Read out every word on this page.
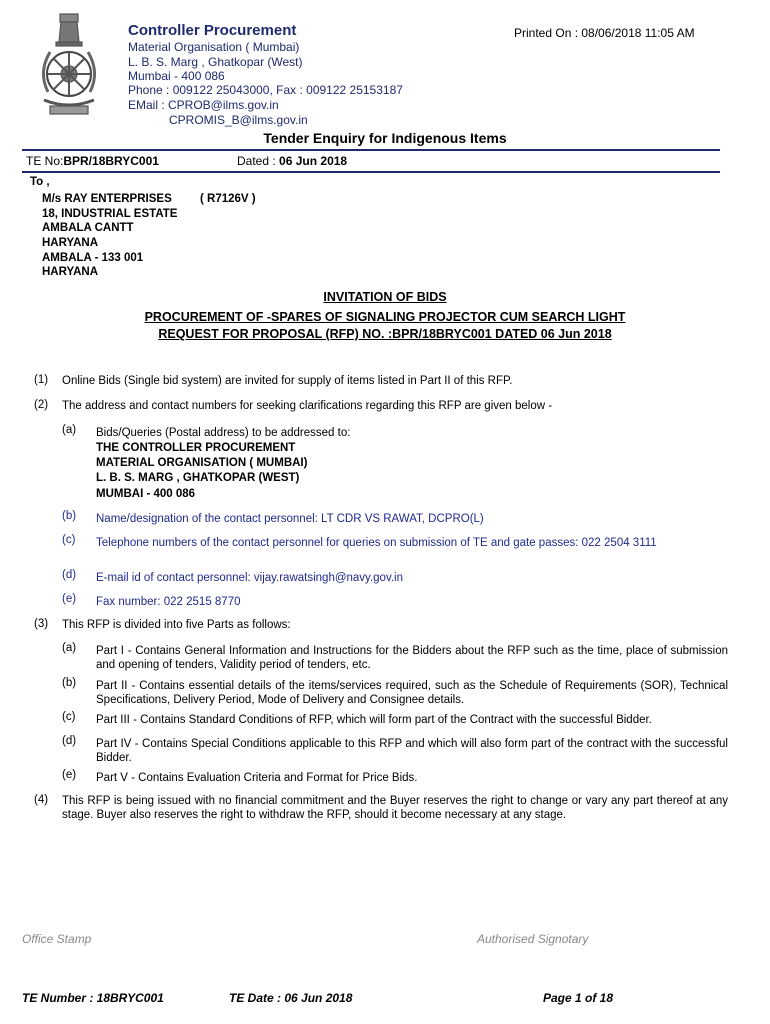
Controller Procurement
Material Organisation ( Mumbai)
L. B. S. Marg , Ghatkopar (West)
Mumbai - 400 086
Phone : 009122 25043000, Fax : 009122 25153187
EMail : CPROB@ilms.gov.in
CPROMIS_B@ilms.gov.in
Printed On : 08/06/2018 11:05 AM
Tender Enquiry for Indigenous Items
TE No:BPR/18BRYC001	Dated : 06 Jun 2018
To ,
M/s RAY ENTERPRISES ( R7126V )
18, INDUSTRIAL ESTATE
AMBALA CANTT
HARYANA
AMBALA - 133 001
HARYANA
INVITATION OF BIDS
PROCUREMENT OF -SPARES OF SIGNALING PROJECTOR CUM SEARCH LIGHT
REQUEST FOR PROPOSAL (RFP) NO. :BPR/18BRYC001 DATED 06 Jun 2018
(1) Online Bids (Single bid system) are invited for supply of items listed in Part II of this RFP.
(2) The address and contact numbers for seeking clarifications regarding this RFP are given below -
(a) Bids/Queries (Postal address) to be addressed to:
THE CONTROLLER PROCUREMENT
MATERIAL ORGANISATION ( MUMBAI)
L. B. S. MARG , GHATKOPAR (WEST)
MUMBAI - 400 086
(b) Name/designation of the contact personnel: LT CDR VS RAWAT, DCPRO(L)
(c) Telephone numbers of the contact personnel for queries on submission of TE and gate passes: 022 2504 3111
(d) E-mail id of contact personnel: vijay.rawatsingh@navy.gov.in
(e) Fax number: 022 2515 8770
(3) This RFP is divided into five Parts as follows:
(a) Part I - Contains General Information and Instructions for the Bidders about the RFP such as the time, place of submission and opening of tenders, Validity period of tenders, etc.
(b) Part II - Contains essential details of the items/services required, such as the Schedule of Requirements (SOR), Technical Specifications, Delivery Period, Mode of Delivery and Consignee details.
(c) Part III - Contains Standard Conditions of RFP, which will form part of the Contract with the successful Bidder.
(d) Part IV - Contains Special Conditions applicable to this RFP and which will also form part of the contract with the successful Bidder.
(e) Part V - Contains Evaluation Criteria and Format for Price Bids.
(4) This RFP is being issued with no financial commitment and the Buyer reserves the right to change or vary any part thereof at any stage. Buyer also reserves the right to withdraw the RFP, should it become necessary at any stage.
Office Stamp	Authorised Signotary
TE Number : 18BRYC001	TE Date : 06 Jun 2018	Page 1 of 18
